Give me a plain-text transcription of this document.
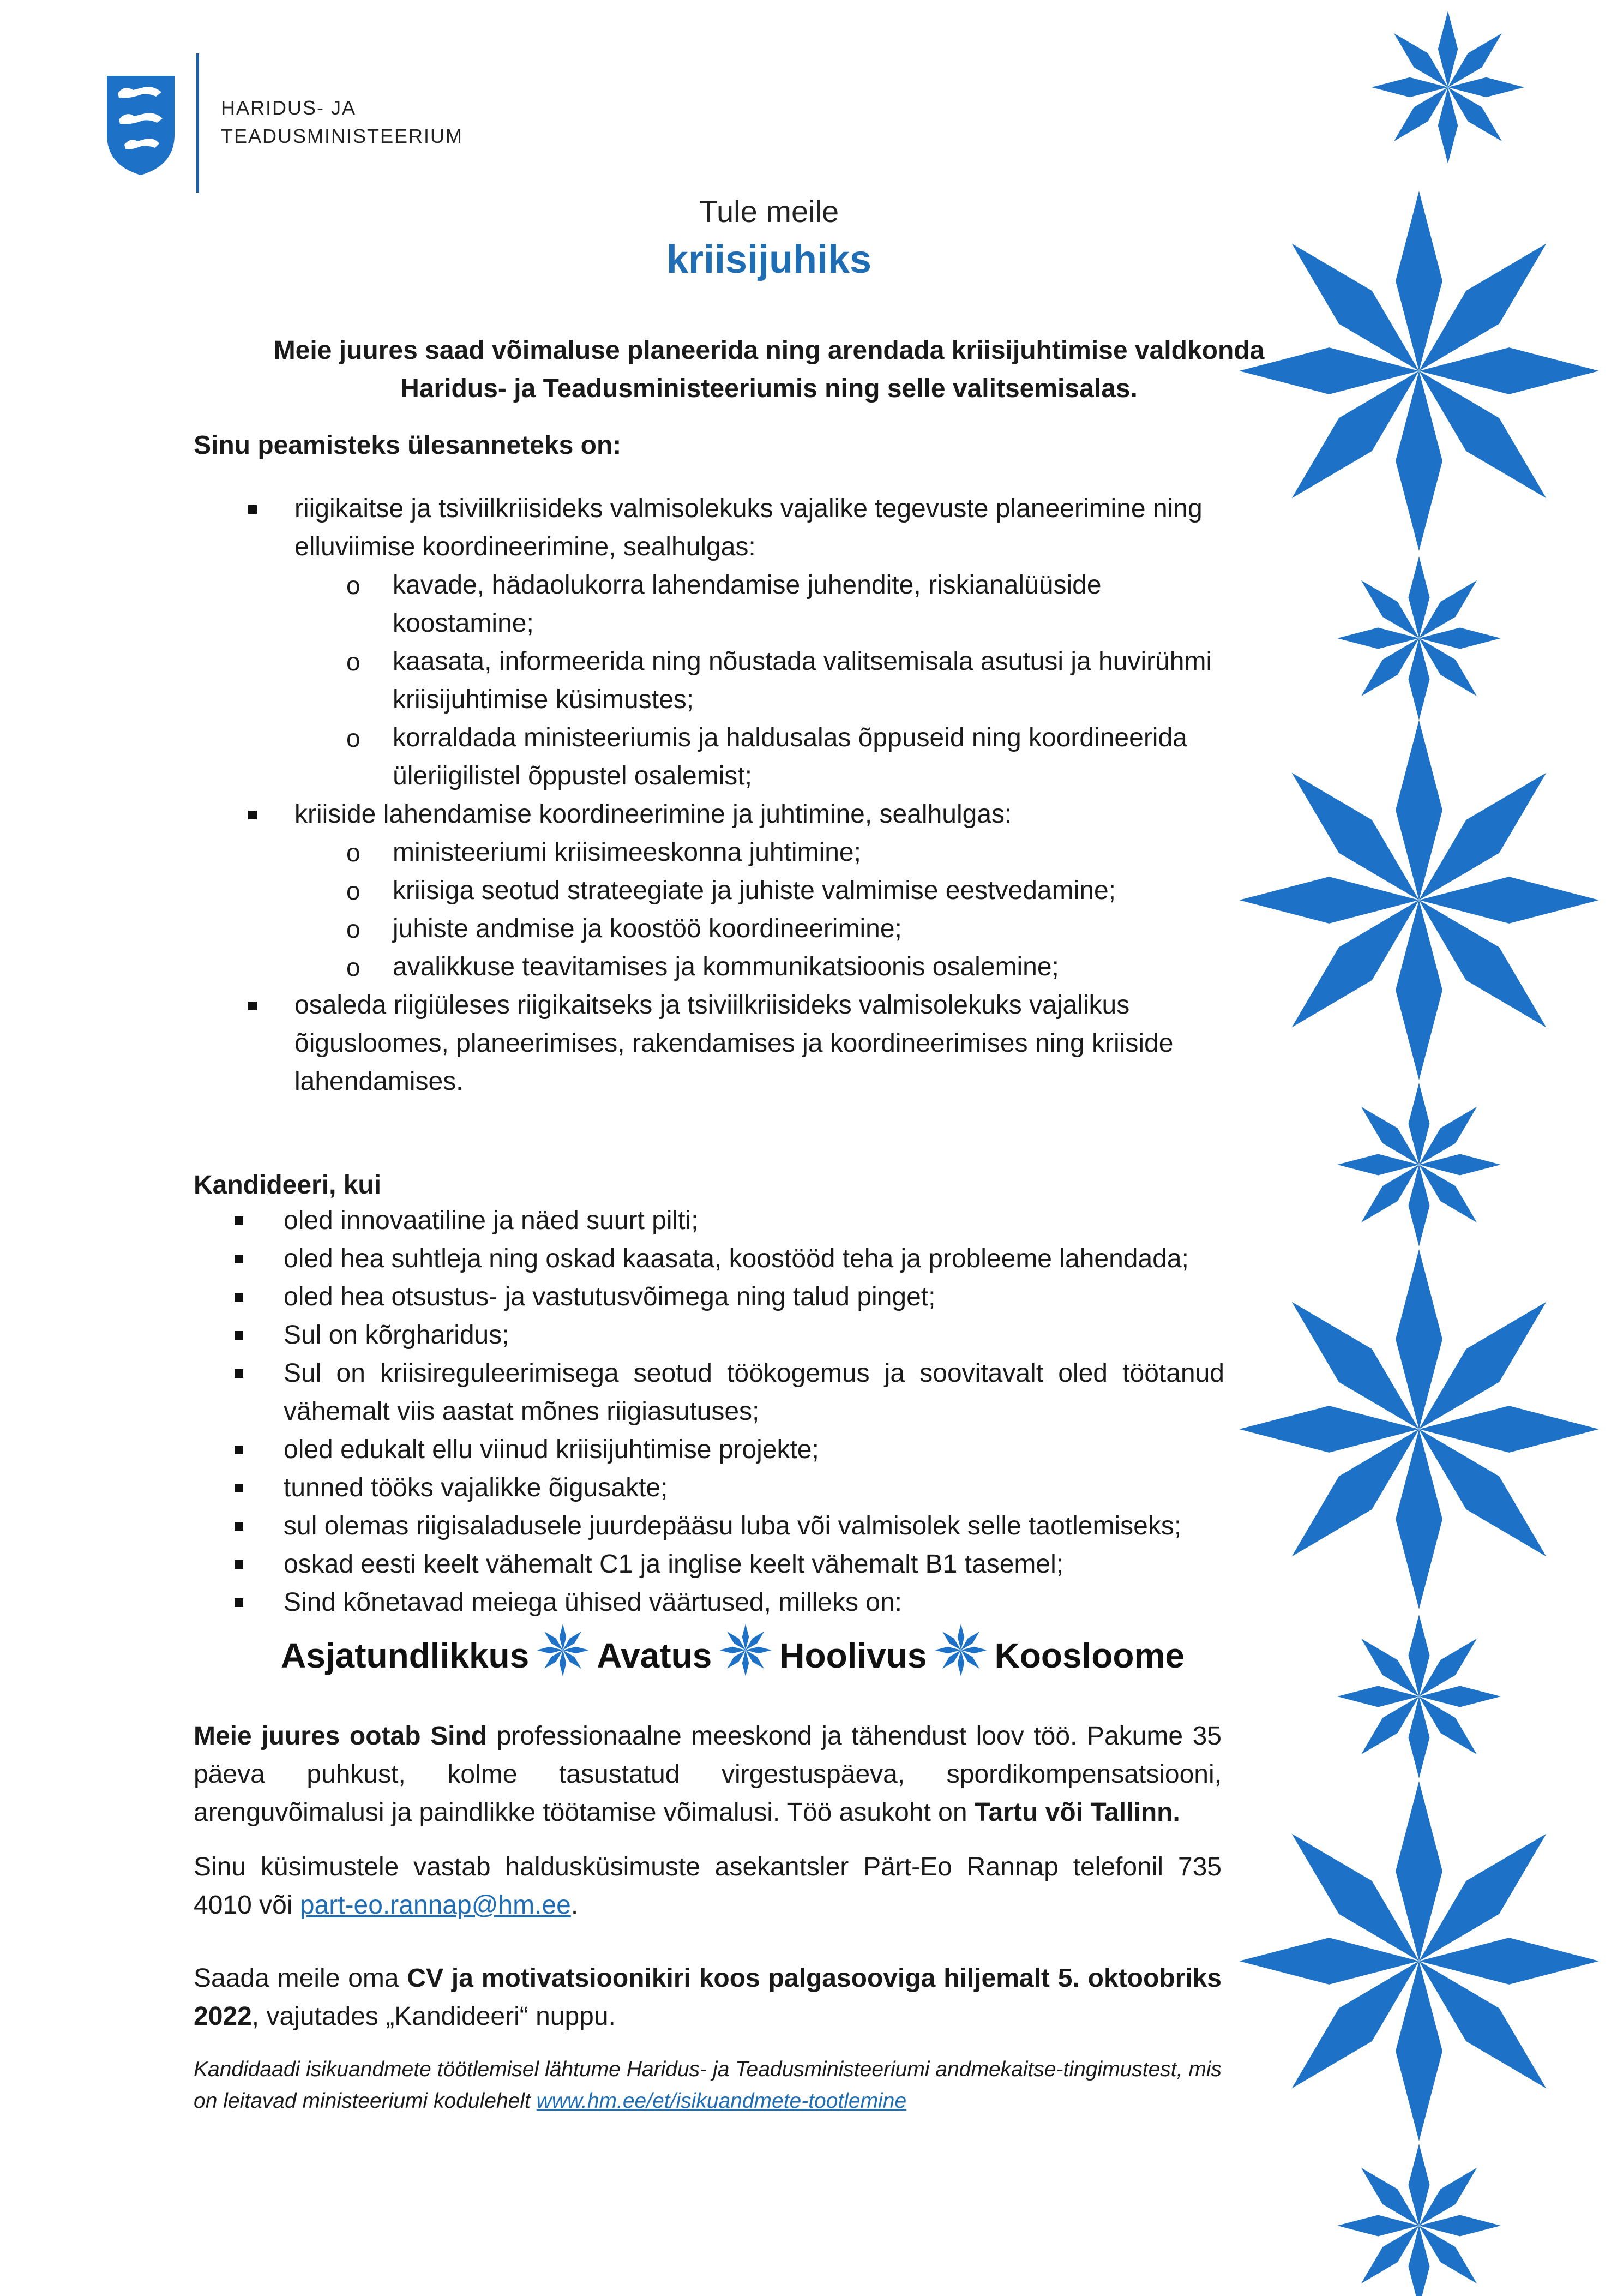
HARIDUS- JA
TEADUSMINISTEERIUM
Tule meile
kriisijuhiks
Meie juures saad võimaluse planeerida ning arendada kriisijuhtimise valdkonda
Haridus- ja Teadusministeeriumis ning selle valitsemisalas.
Sinu peamisteks ülesanneteks on:
riigikaitse ja tsiviilkriisideks valmisolekuks vajalike tegevuste planeerimine ning elluviimise koordineerimine, sealhulgas:
o kavade, hädaolukorra lahendamise juhendite, riskianalüüside koostamine;
o kaasata, informeerida ning nõustada valitsemisala asutusi ja huvirühmi kriisijuhtimise küsimustes;
o korraldada ministeeriumis ja haldusalas õppuseid ning koordineerida üleriigilistel õppustel osalemist;
kriiside lahendamise koordineerimine ja juhtimine, sealhulgas:
o ministeeriumi kriisimeeskonna juhtimine;
o kriisiga seotud strateegiate ja juhiste valmimise eestvedamine;
o juhiste andmise ja koostöö koordineerimine;
o avalikkuse teavitamises ja kommunikatsioonis osalemine;
osaleda riigiüleses riigikaitseks ja tsiviilkriisideks valmisolekuks vajalikus õigusloomes, planeerimises, rakendamises ja koordineerimises ning kriiside lahendamises.
Kandideeri, kui
oled innovaatiline ja näed suurt pilti;
oled hea suhtleja ning oskad kaasata, koostööd teha ja probleeme lahendada;
oled hea otsustus- ja vastutusvõimega ning talud pinget;
Sul on kõrgharidus;
Sul on kriisireguleerimisega seotud töökogemus ja soovitavalt oled töötanud vähemalt viis aastat mõnes riigiasutuses;
oled edukalt ellu viinud kriisijuhtimise projekte;
tunned tööks vajalikke õigusakte;
sul olemas riigisaladusele juurdepääsu luba või valmisolek selle taotlemiseks;
oskad eesti keelt vähemalt C1 ja inglise keelt vähemalt B1 tasemel;
Sind kõnetavad meiega ühised väärtused, milleks on:
Asjatundlikkus Avatus Hoolivus Koosloome
Meie juures ootab Sind professionaalne meeskond ja tähendust loov töö. Pakume 35 päeva puhkust, kolme tasustatud virgestuspäeva, spordikompensatsiooni, arenguvõimalusi ja paindlikke töötamise võimalusi. Töö asukoht on Tartu või Tallinn.
Sinu küsimustele vastab haldusküsimuste asekantsler Pärt-Eo Rannap telefonil 735 4010 või part-eo.rannap@hm.ee.
Saada meile oma CV ja motivatsioonikiri koos palgasooviga hiljemalt 5. oktoobriks 2022, vajutades „Kandideeri“ nuppu.
Kandidaadi isikuandmete töötlemisel lähtume Haridus- ja Teadusministeeriumi andmekaitse-tingimustest, mis on leitavad ministeeriumi kodulehelt www.hm.ee/et/isikuandmete-tootlemine
